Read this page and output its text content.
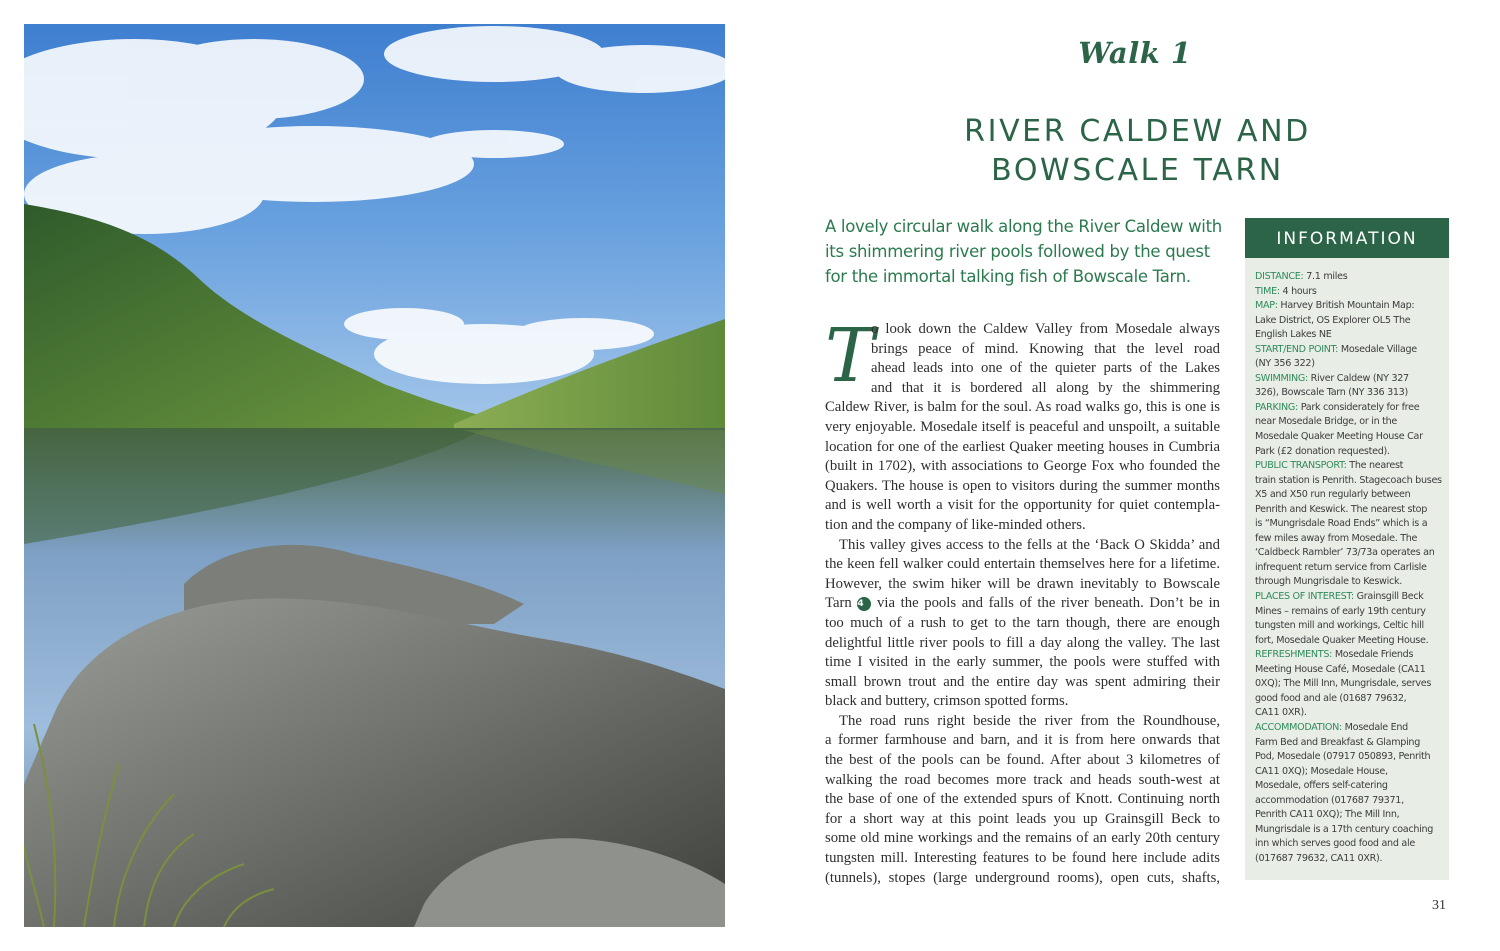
Walk 1
RIVER CALDEW AND
BOWSCALE TARN
A lovely circular walk along the River Caldew with
its shimmering river pools followed by the quest
for the immortal talking fish of Bowscale Tarn.
T
o look down the Caldew Valley from Mosedale always
brings peace of mind. Knowing that the level road
ahead leads into one of the quieter parts of the Lakes
and that it is bordered all along by the shimmering
Caldew River, is balm for the soul. As road walks go, this is one is
very enjoyable. Mosedale itself is peaceful and unspoilt, a suitable
location for one of the earliest Quaker meeting houses in Cumbria
(built in 1702), with associations to George Fox who founded the
Quakers. The house is open to visitors during the summer months
and is well worth a visit for the opportunity for quiet contempla-
tion and the company of like-minded others.
This valley gives access to the fells at the ‘Back O Skidda’ and
the keen fell walker could entertain themselves here for a lifetime.
However, the swim hiker will be drawn inevitably to Bowscale
Tarn 4 via the pools and falls of the river beneath. Don’t be in
too much of a rush to get to the tarn though, there are enough
delightful little river pools to fill a day along the valley. The last
time I visited in the early summer, the pools were stuffed with
small brown trout and the entire day was spent admiring their
black and buttery, crimson spotted forms.
The road runs right beside the river from the Roundhouse,
a former farmhouse and barn, and it is from here onwards that
the best of the pools can be found. After about 3 kilometres of
walking the road becomes more track and heads south-west at
the base of one of the extended spurs of Knott. Continuing north
for a short way at this point leads you up Grainsgill Beck to
some old mine workings and the remains of an early 20th century
tungsten mill. Interesting features to be found here include adits
(tunnels), stopes (large underground rooms), open cuts, shafts,
INFORMATION
DISTANCE: 7.1 miles
TIME: 4 hours
MAP: Harvey British Mountain Map:
Lake District, OS Explorer OL5 The
English Lakes NE
START/END POINT: Mosedale Village
(NY 356 322)
SWIMMING: River Caldew (NY 327
326), Bowscale Tarn (NY 336 313)
PARKING: Park considerately for free
near Mosedale Bridge, or in the
Mosedale Quaker Meeting House Car
Park (£2 donation requested).
PUBLIC TRANSPORT: The nearest
train station is Penrith. Stagecoach buses
X5 and X50 run regularly between
Penrith and Keswick. The nearest stop
is “Mungrisdale Road Ends” which is a
few miles away from Mosedale. The
‘Caldbeck Rambler’ 73/73a operates an
infrequent return service from Carlisle
through Mungrisdale to Keswick.
PLACES OF INTEREST: Grainsgill Beck
Mines – remains of early 19th century
tungsten mill and workings, Celtic hill
fort, Mosedale Quaker Meeting House.
REFRESHMENTS: Mosedale Friends
Meeting House Café, Mosedale (CA11
0XQ); The Mill Inn, Mungrisdale, serves
good food and ale (01687 79632,
CA11 0XR).
ACCOMMODATION: Mosedale End
Farm Bed and Breakfast & Glamping
Pod, Mosedale (07917 050893, Penrith
CA11 0XQ); Mosedale House,
Mosedale, offers self-catering
accommodation (017687 79371,
Penrith CA11 0XQ); The Mill Inn,
Mungrisdale is a 17th century coaching
inn which serves good food and ale
(017687 79632, CA11 0XR).
31
